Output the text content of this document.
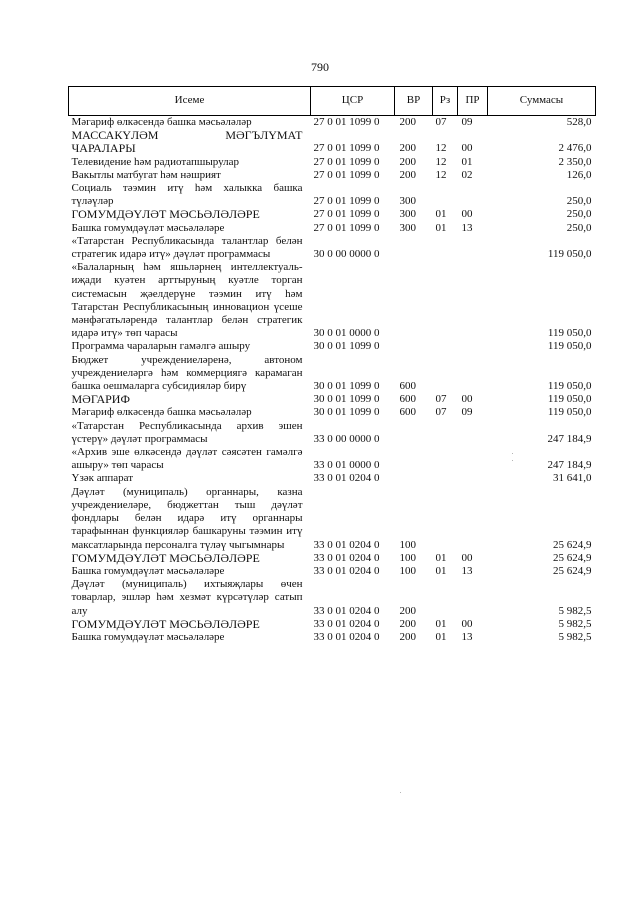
790
Исеме	ЦСР	ВР	Рз	ПР	Суммасы
Мәгариф өлкәсендә башка мәсьәләләр	27 0 01 1099 0	200	07	09	528,0
МАССАКҮЛӘМ МӘГЪЛҮМАТ ЧАРАЛАРЫ	27 0 01 1099 0	200	12	00	2 476,0
Телевидение һәм радиотапшырулар	27 0 01 1099 0	200	12	01	2 350,0
Вакытлы матбугат һәм нәшрият	27 0 01 1099 0	200	12	02	126,0
Социаль тәэмин итү һәм халыкка башка түләүләр	27 0 01 1099 0	300			250,0
ГОМУМДӘҮЛӘТ МӘСЬӘЛӘЛӘРЕ	27 0 01 1099 0	300	01	00	250,0
Башка гомумдәүләт мәсьәләләре	27 0 01 1099 0	300	01	13	250,0
«Татарстан Республикасында талантлар белән стратегик идарә итү» дәүләт программасы	30 0 00 0000 0				119 050,0
«Балаларның һәм яшьләрнең интеллектуаль-иҗади куәтен арттыруның куәтле торган системасын җәелдерүне тәэмин итү һәм Татарстан Республикасының инновацион үсеше мәнфәгатьләрендә талантлар белән стратегик идарә итү» төп чарасы	30 0 01 0000 0				119 050,0
Программа чараларын гамәлгә ашыру	30 0 01 1099 0				119 050,0
Бюджет учреждениеләренә, автоном учреждениеләргә һәм коммерциягә карамаган башка оешмаларга субсидияләр бирү	30 0 01 1099 0	600			119 050,0
МӘГАРИФ	30 0 01 1099 0	600	07	00	119 050,0
Мәгариф өлкәсендә башка мәсьәләләр	30 0 01 1099 0	600	07	09	119 050,0
«Татарстан Республикасында архив эшен үстерү» дәүләт программасы	33 0 00 0000 0				247 184,9
«Архив эше өлкәсендә дәүләт сәясәтен гамәлгә ашыру» төп чарасы	33 0 01 0000 0				247 184,9
Үзәк аппарат	33 0 01 0204 0				31 641,0
Дәүләт (муниципаль) органнары, казна учреждениеләре, бюджеттан тыш дәүләт фондлары белән идарә итү органнары тарафыннан функцияләр башкаруны тәэмин итү максатларында персоналга түләү чыгымнары	33 0 01 0204 0	100			25 624,9
ГОМУМДӘҮЛӘТ МӘСЬӘЛӘЛӘРЕ	33 0 01 0204 0	100	01	00	25 624,9
Башка гомумдәүләт мәсьәләләре	33 0 01 0204 0	100	01	13	25 624,9
Дәүләт (муниципаль) ихтыяҗлары өчен товарлар, эшләр һәм хезмәт күрсәтүләр сатып алу	33 0 01 0204 0	200			5 982,5
ГОМУМДӘҮЛӘТ МӘСЬӘЛӘЛӘРЕ	33 0 01 0204 0	200	01	00	5 982,5
Башка гомумдәүләт мәсьәләләре	33 0 01 0204 0	200	01	13	5 982,5
